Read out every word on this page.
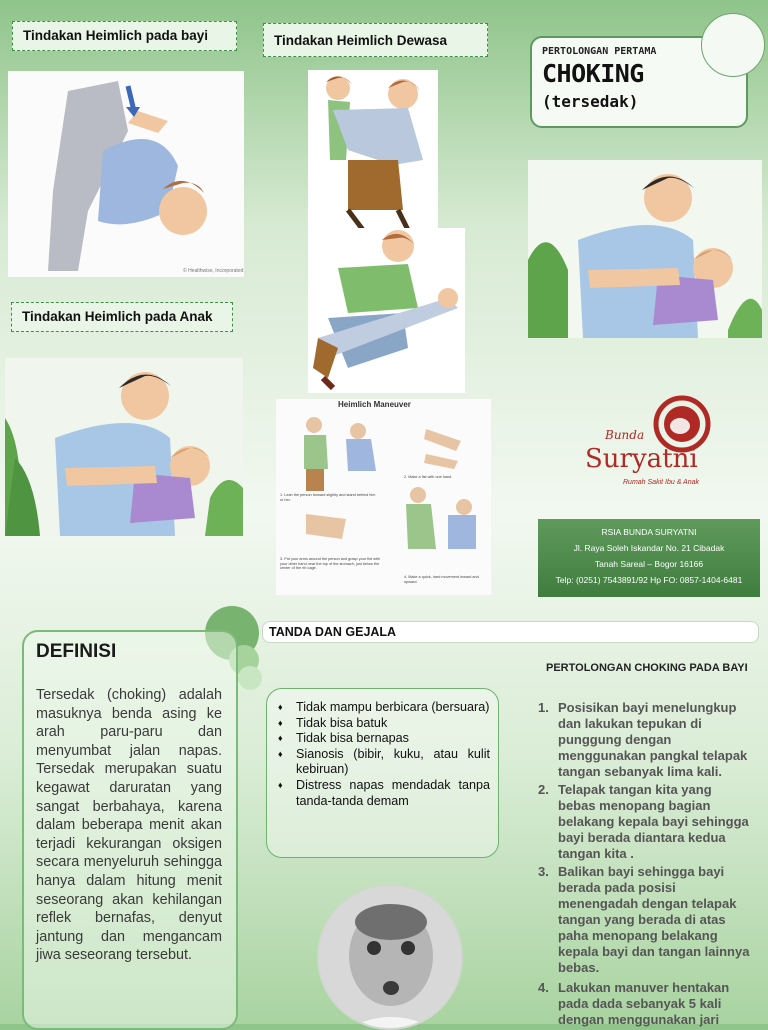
Tindakan Heimlich pada bayi	Tindakan Heimlich Dewasa
© Healthwise, Incorporated
PERTOLONGAN PERTAMA
CHOKING
(tersedak)
Tindakan Heimlich pada Anak
Heimlich Maneuver
1. Lean the person forward slightly and stand behind him or her.
2. Make a fist with one hand.
3. Put your arms around the person and grasp your fist with your other hand near the top of the stomach, just below the center of the rib cage.
4. Make a quick, hard movement inward and upward.
Bunda
Suryatni
Rumah Sakit Ibu & Anak
RSIA BUNDA SURYATNI
Jl. Raya Soleh Iskandar No. 21 Cibadak
Tanah Sareal – Bogor 16166
Telp: (0251) 7543891/92 Hp FO: 0857-1404-6481
DEFINISI
Tersedak (choking) adalah masuknya benda asing ke arah paru-paru dan menyumbat jalan napas. Tersedak merupakan suatu kegawat daruratan yang sangat berbahaya, karena dalam beberapa menit akan terjadi kekurangan oksigen secara menyeluruh sehingga hanya dalam hitung menit seseorang akan kehilangan reflek bernafas, denyut jantung dan mengancam jiwa seseorang tersebut.
TANDA DAN GEJALA
♦ Tidak mampu berbicara (bersuara)
♦ Tidak bisa batuk
♦ Tidak bisa bernapas
♦ Sianosis (bibir, kuku, atau kulit kebiruan)
♦ Distress napas mendadak tanpa tanda-tanda demam
PERTOLONGAN CHOKING PADA BAYI
1. Posisikan bayi menelungkup dan lakukan tepukan di punggung dengan menggunakan pangkal telapak tangan sebanyak lima kali.
2. Telapak tangan kita yang bebas menopang bagian belakang kepala bayi sehingga bayi berada diantara kedua tangan kita .
3. Balikan bayi sehingga bayi berada pada posisi menengadah dengan telapak tangan yang berada di atas paha menopang belakang kepala bayi dan tangan lainnya bebas.
4. Lakukan manuver hentakan pada dada sebanyak 5 kali dengan menggunakan jari
